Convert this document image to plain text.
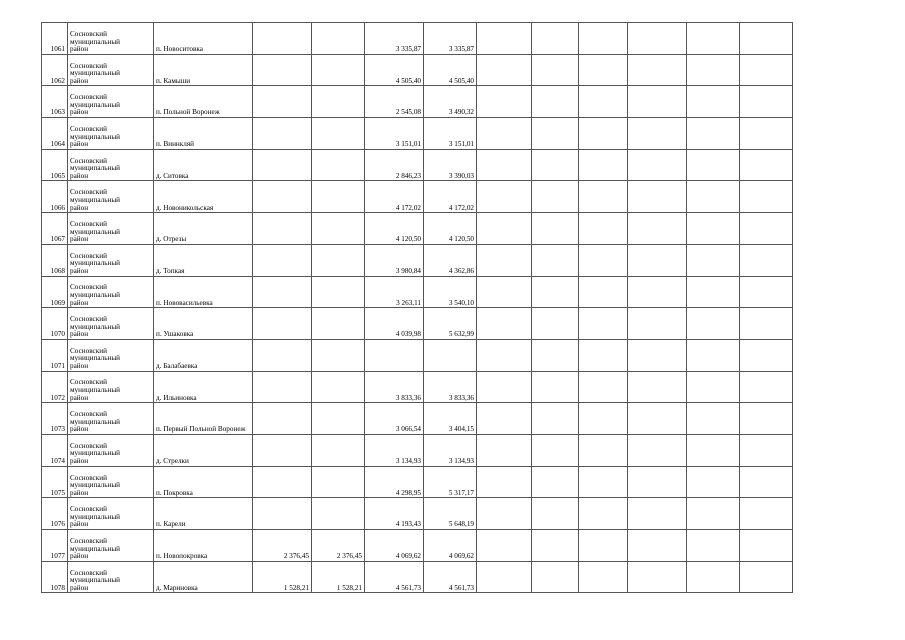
1061	Сосновский
муниципальный
район	п. Новоситовка			3 335,87	3 335,87						
1062	Сосновский
муниципальный
район	п. Камыши			4 505,40	4 505,40						
1063	Сосновский
муниципальный
район	п. Польной Воронеж			2 545,08	3 490,32						
1064	Сосновский
муниципальный
район	п. Виннкляй			3 151,01	3 151,01						
1065	Сосновский
муниципальный
район	д. Ситовка			2 846,23	3 390,03						
1066	Сосновский
муниципальный
район	д. Новоникольская			4 172,02	4 172,02						
1067	Сосновский
муниципальный
район	д. Отрезы			4 120,50	4 120,50						
1068	Сосновский
муниципальный
район	д. Топкая			3 980,84	4 362,86						
1069	Сосновский
муниципальный
район	п. Нововасильевка			3 263,11	3 540,10						
1070	Сосновский
муниципальный
район	п. Ушаковка			4 039,98	5 632,99						
1071	Сосновский
муниципальный
район	д. Балабаевка										
1072	Сосновский
муниципальный
район	д. Ильиновка			3 833,36	3 833,36						
1073	Сосновский
муниципальный
район	п. Первый Польной Воронеж			3 066,54	3 404,15						
1074	Сосновский
муниципальный
район	д. Стрелки			3 134,93	3 134,93						
1075	Сосновский
муниципальный
район	п. Покровка			4 298,95	5 317,17						
1076	Сосновский
муниципальный
район	п. Карели			4 193,43	5 648,19						
1077	Сосновский
муниципальный
район	п. Новопокровка	2 376,45	2 376,45	4 069,62	4 069,62						
1078	Сосновский
муниципальный
район	д. Мариновка	1 528,21	1 528,21	4 561,73	4 561,73						
